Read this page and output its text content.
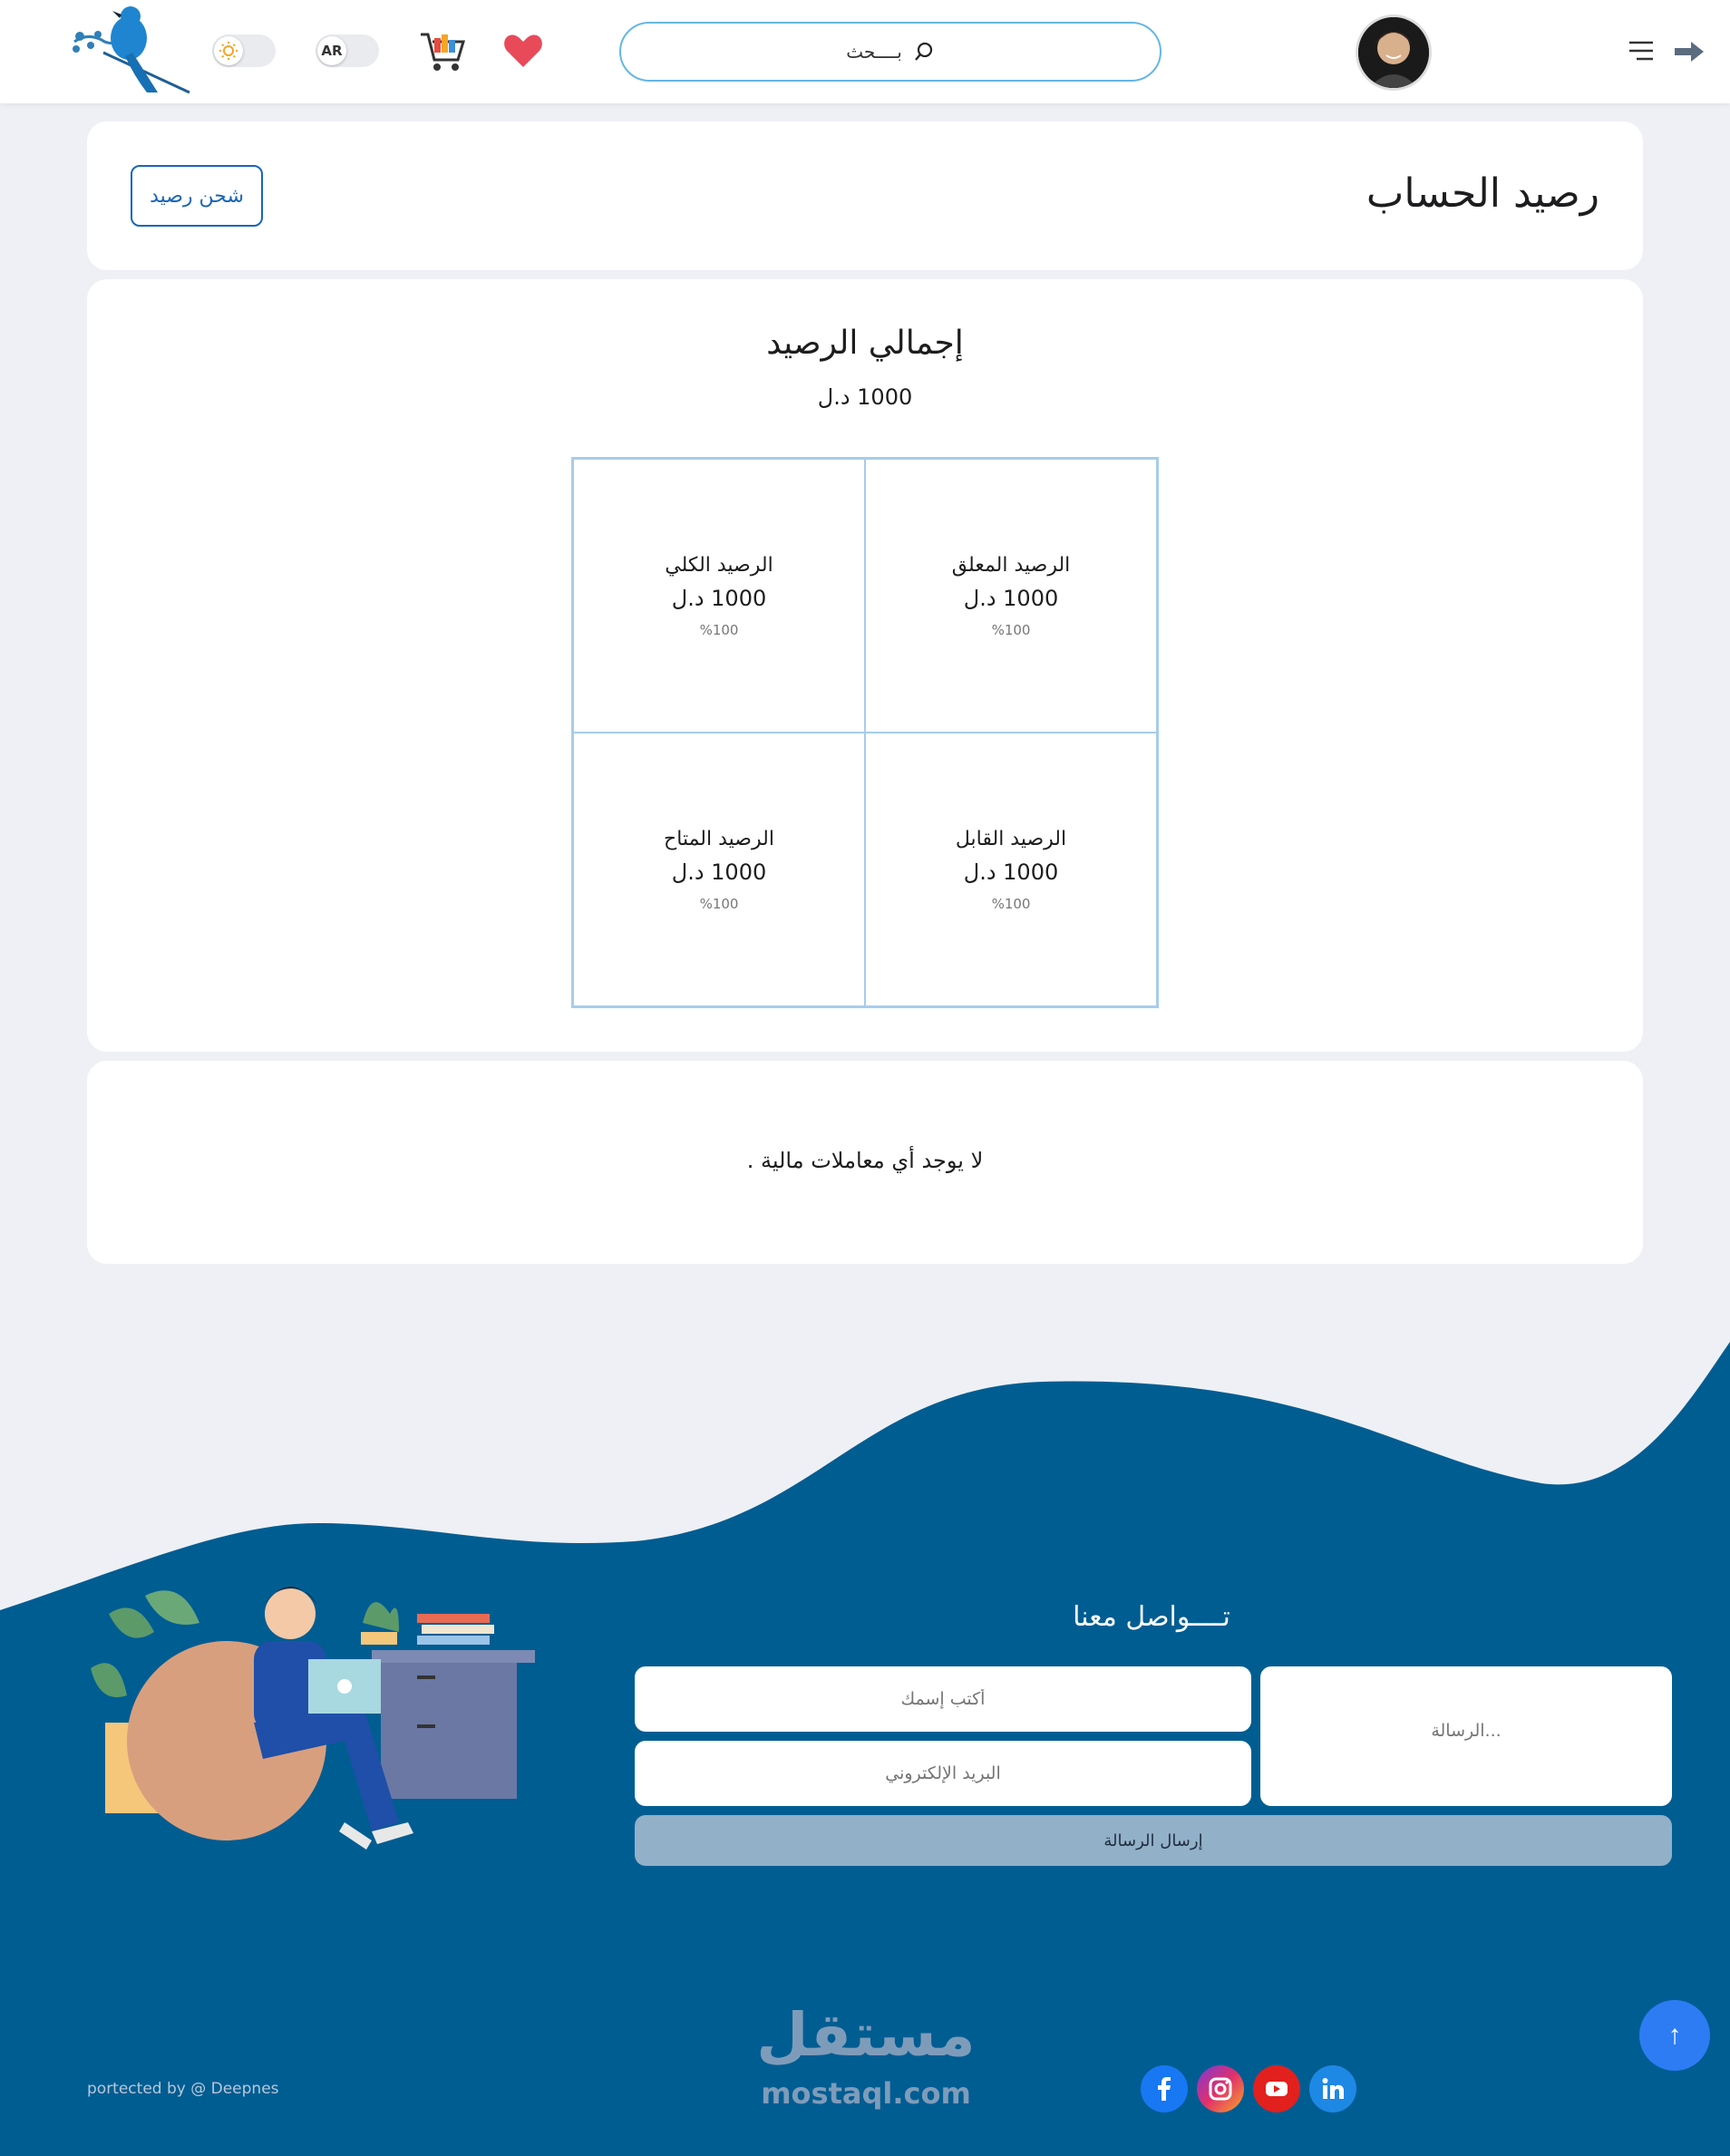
AR	بــــحث
رصيد الحساب
شحن رصيد
إجمالي الرصيد
1000 د.ل
الرصيد الكلي
1000 د.ل
%100
الرصيد المعلق
1000 د.ل
%100
الرصيد المتاح
1000 د.ل
%100
الرصيد القابل
1000 د.ل
%100
لا يوجد أي معاملات مالية .
تــــواصل معنا
أكتب إسمك
البريد الإلكتروني
...الرسالة
إرسال الرسالة
portected by @ Deepnes
مستقل
mostaql.com
↑
